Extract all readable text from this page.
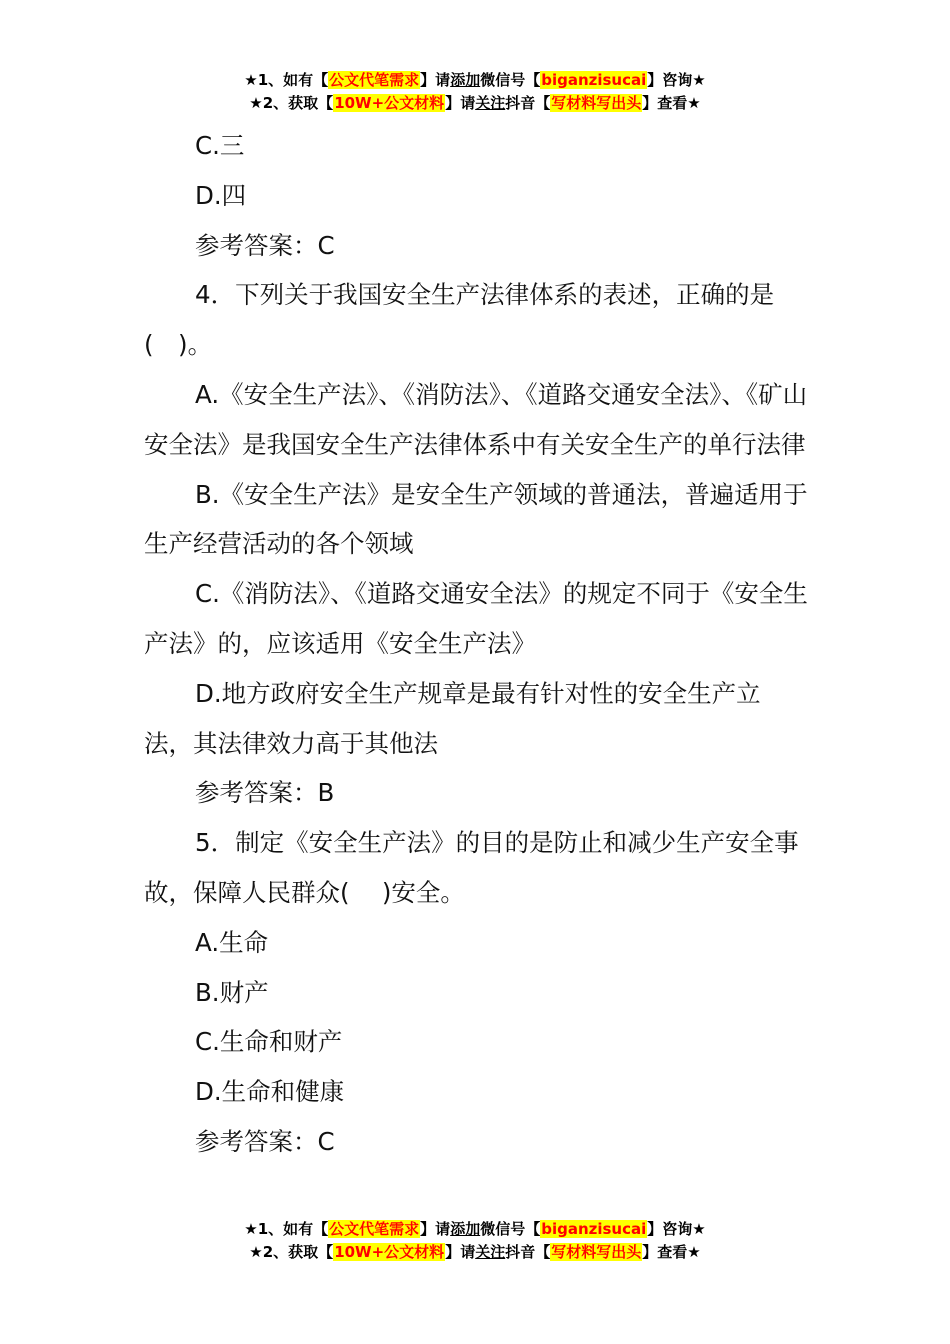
★1、如有【公文代笔需求】请添加微信号【biganzisucai】咨询★
★2、获取【10W+公文材料】请关注抖音【写材料写出头】查看★

C.三

D.四

参考答案：C

4．下列关于我国安全生产法律体系的表述，正确的是(　)。

A.《安全生产法》、《消防法》、《道路交通安全法》、《矿山安全法》是我国安全生产法律体系中有关安全生产的单行法律

B.《安全生产法》是安全生产领域的普通法，普遍适用于生产经营活动的各个领域

C.《消防法》、《道路交通安全法》的规定不同于《安全生产法》的，应该适用《安全生产法》

D.地方政府安全生产规章是最有针对性的安全生产立法，其法律效力高于其他法

参考答案：B

5．制定《安全生产法》的目的是防止和减少生产安全事故，保障人民群众(　 )安全。

A.生命

B.财产

C.生命和财产

D.生命和健康

参考答案：C

★1、如有【公文代笔需求】请添加微信号【biganzisucai】咨询★
★2、获取【10W+公文材料】请关注抖音【写材料写出头】查看★
